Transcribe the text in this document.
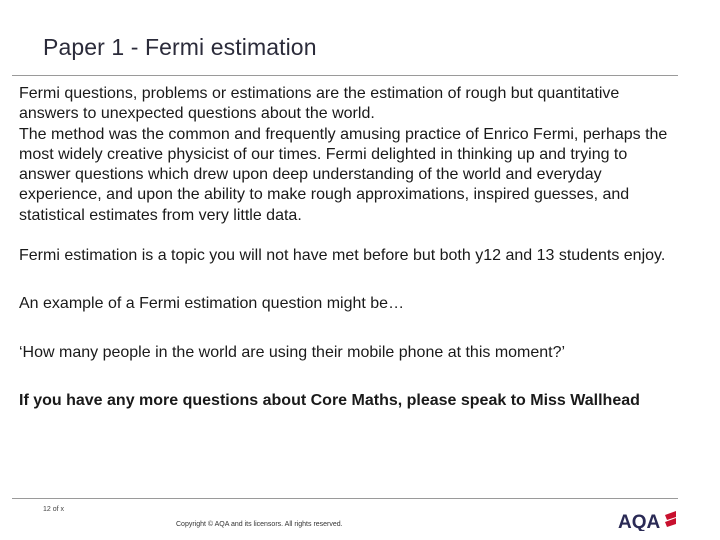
Paper 1 - Fermi estimation

Fermi questions, problems or estimations are the estimation of rough but quantitative answers to unexpected questions about the world.

The method was the common and frequently amusing practice of Enrico Fermi, perhaps the most widely creative physicist of our times. Fermi delighted in thinking up and trying to answer questions which drew upon deep understanding of the world and everyday experience, and upon the ability to make rough approximations, inspired guesses, and statistical estimates from very little data.

Fermi estimation is a topic you will not have met before but both y12 and 13 students enjoy.

An example of a Fermi estimation question might be…

‘How many people in the world are using their mobile phone at this moment?’

If you have any more questions about Core Maths, please speak to Miss Wallhead

12 of x
Copyright © AQA and its licensors. All rights reserved.	AQA
